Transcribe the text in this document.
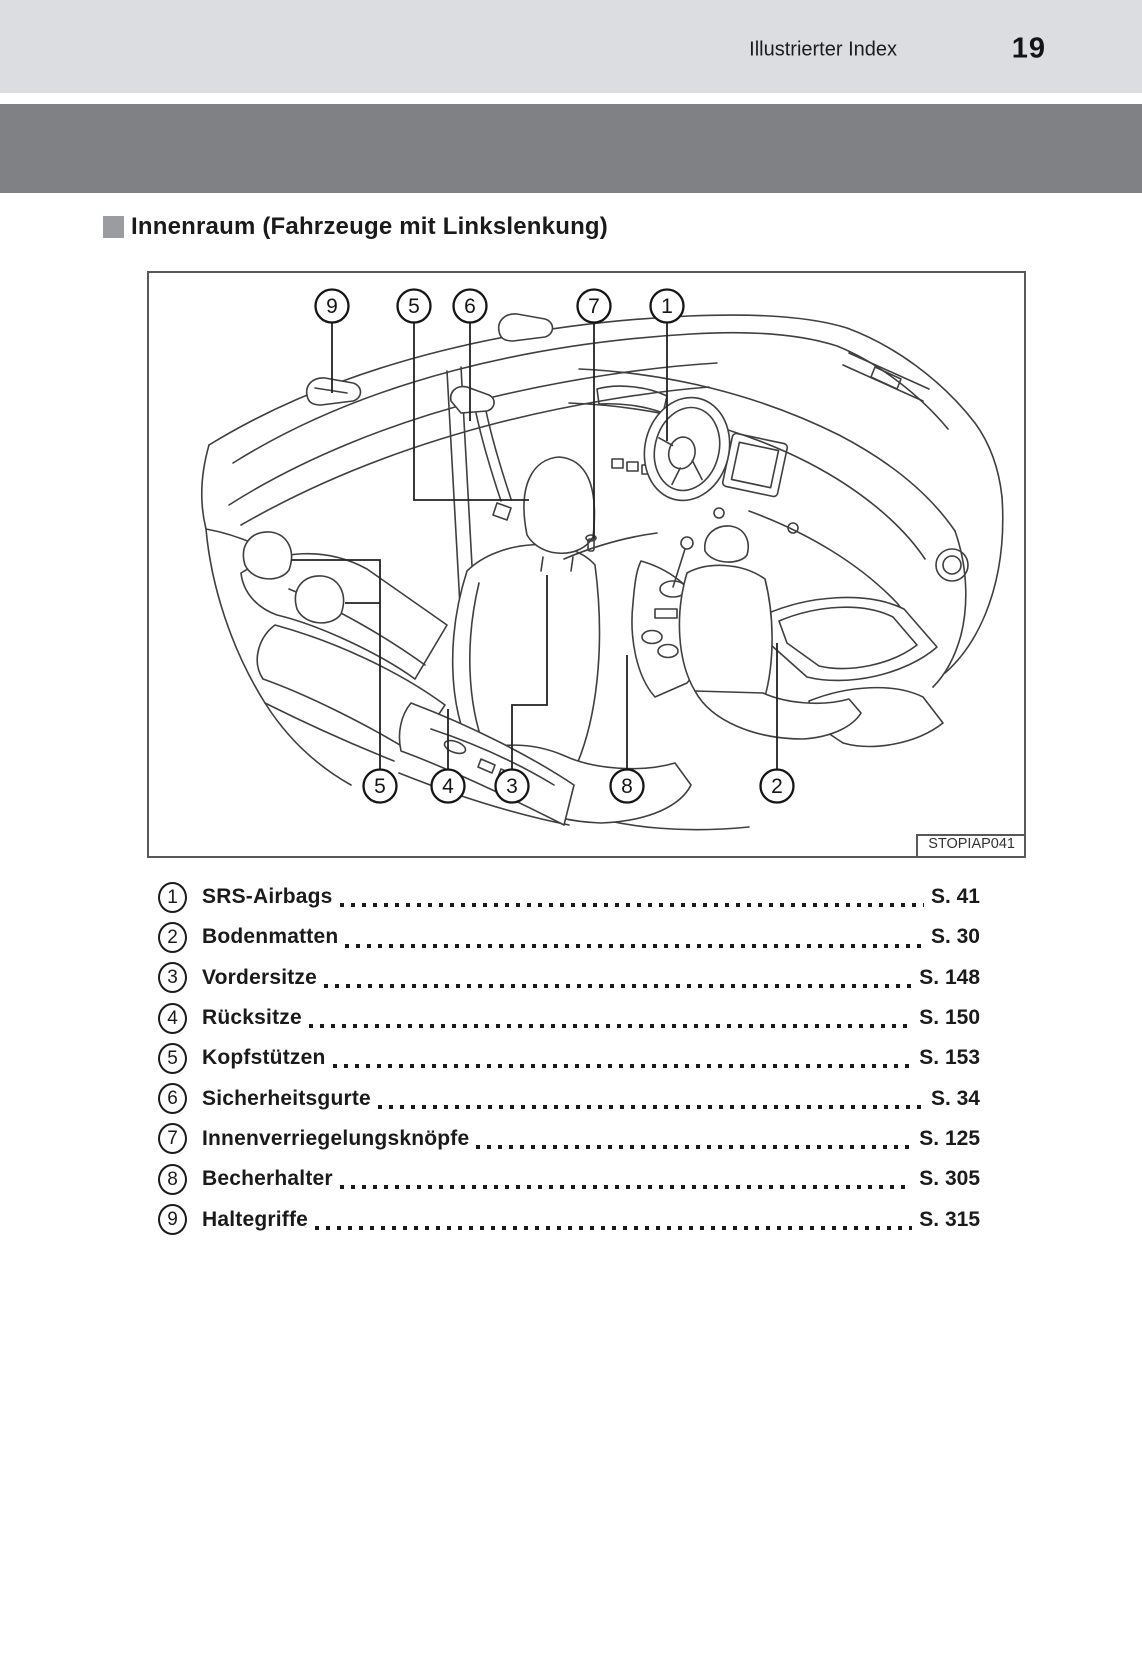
Illustrierter Index	19
Innenraum (Fahrzeuge mit Linkslenkung)
9	5 6	7	1
5	4 3	8	2
STOPIAP041
1	SRS-Airbags	S. 41
2	Bodenmatten	S. 30
3	Vordersitze	S. 148
4	Rücksitze	S. 150
5	Kopfstützen	S. 153
6	Sicherheitsgurte	S. 34
7	Innenverriegelungsknöpfe	S. 125
8	Becherhalter	S. 305
9	Haltegriffe	S. 315
